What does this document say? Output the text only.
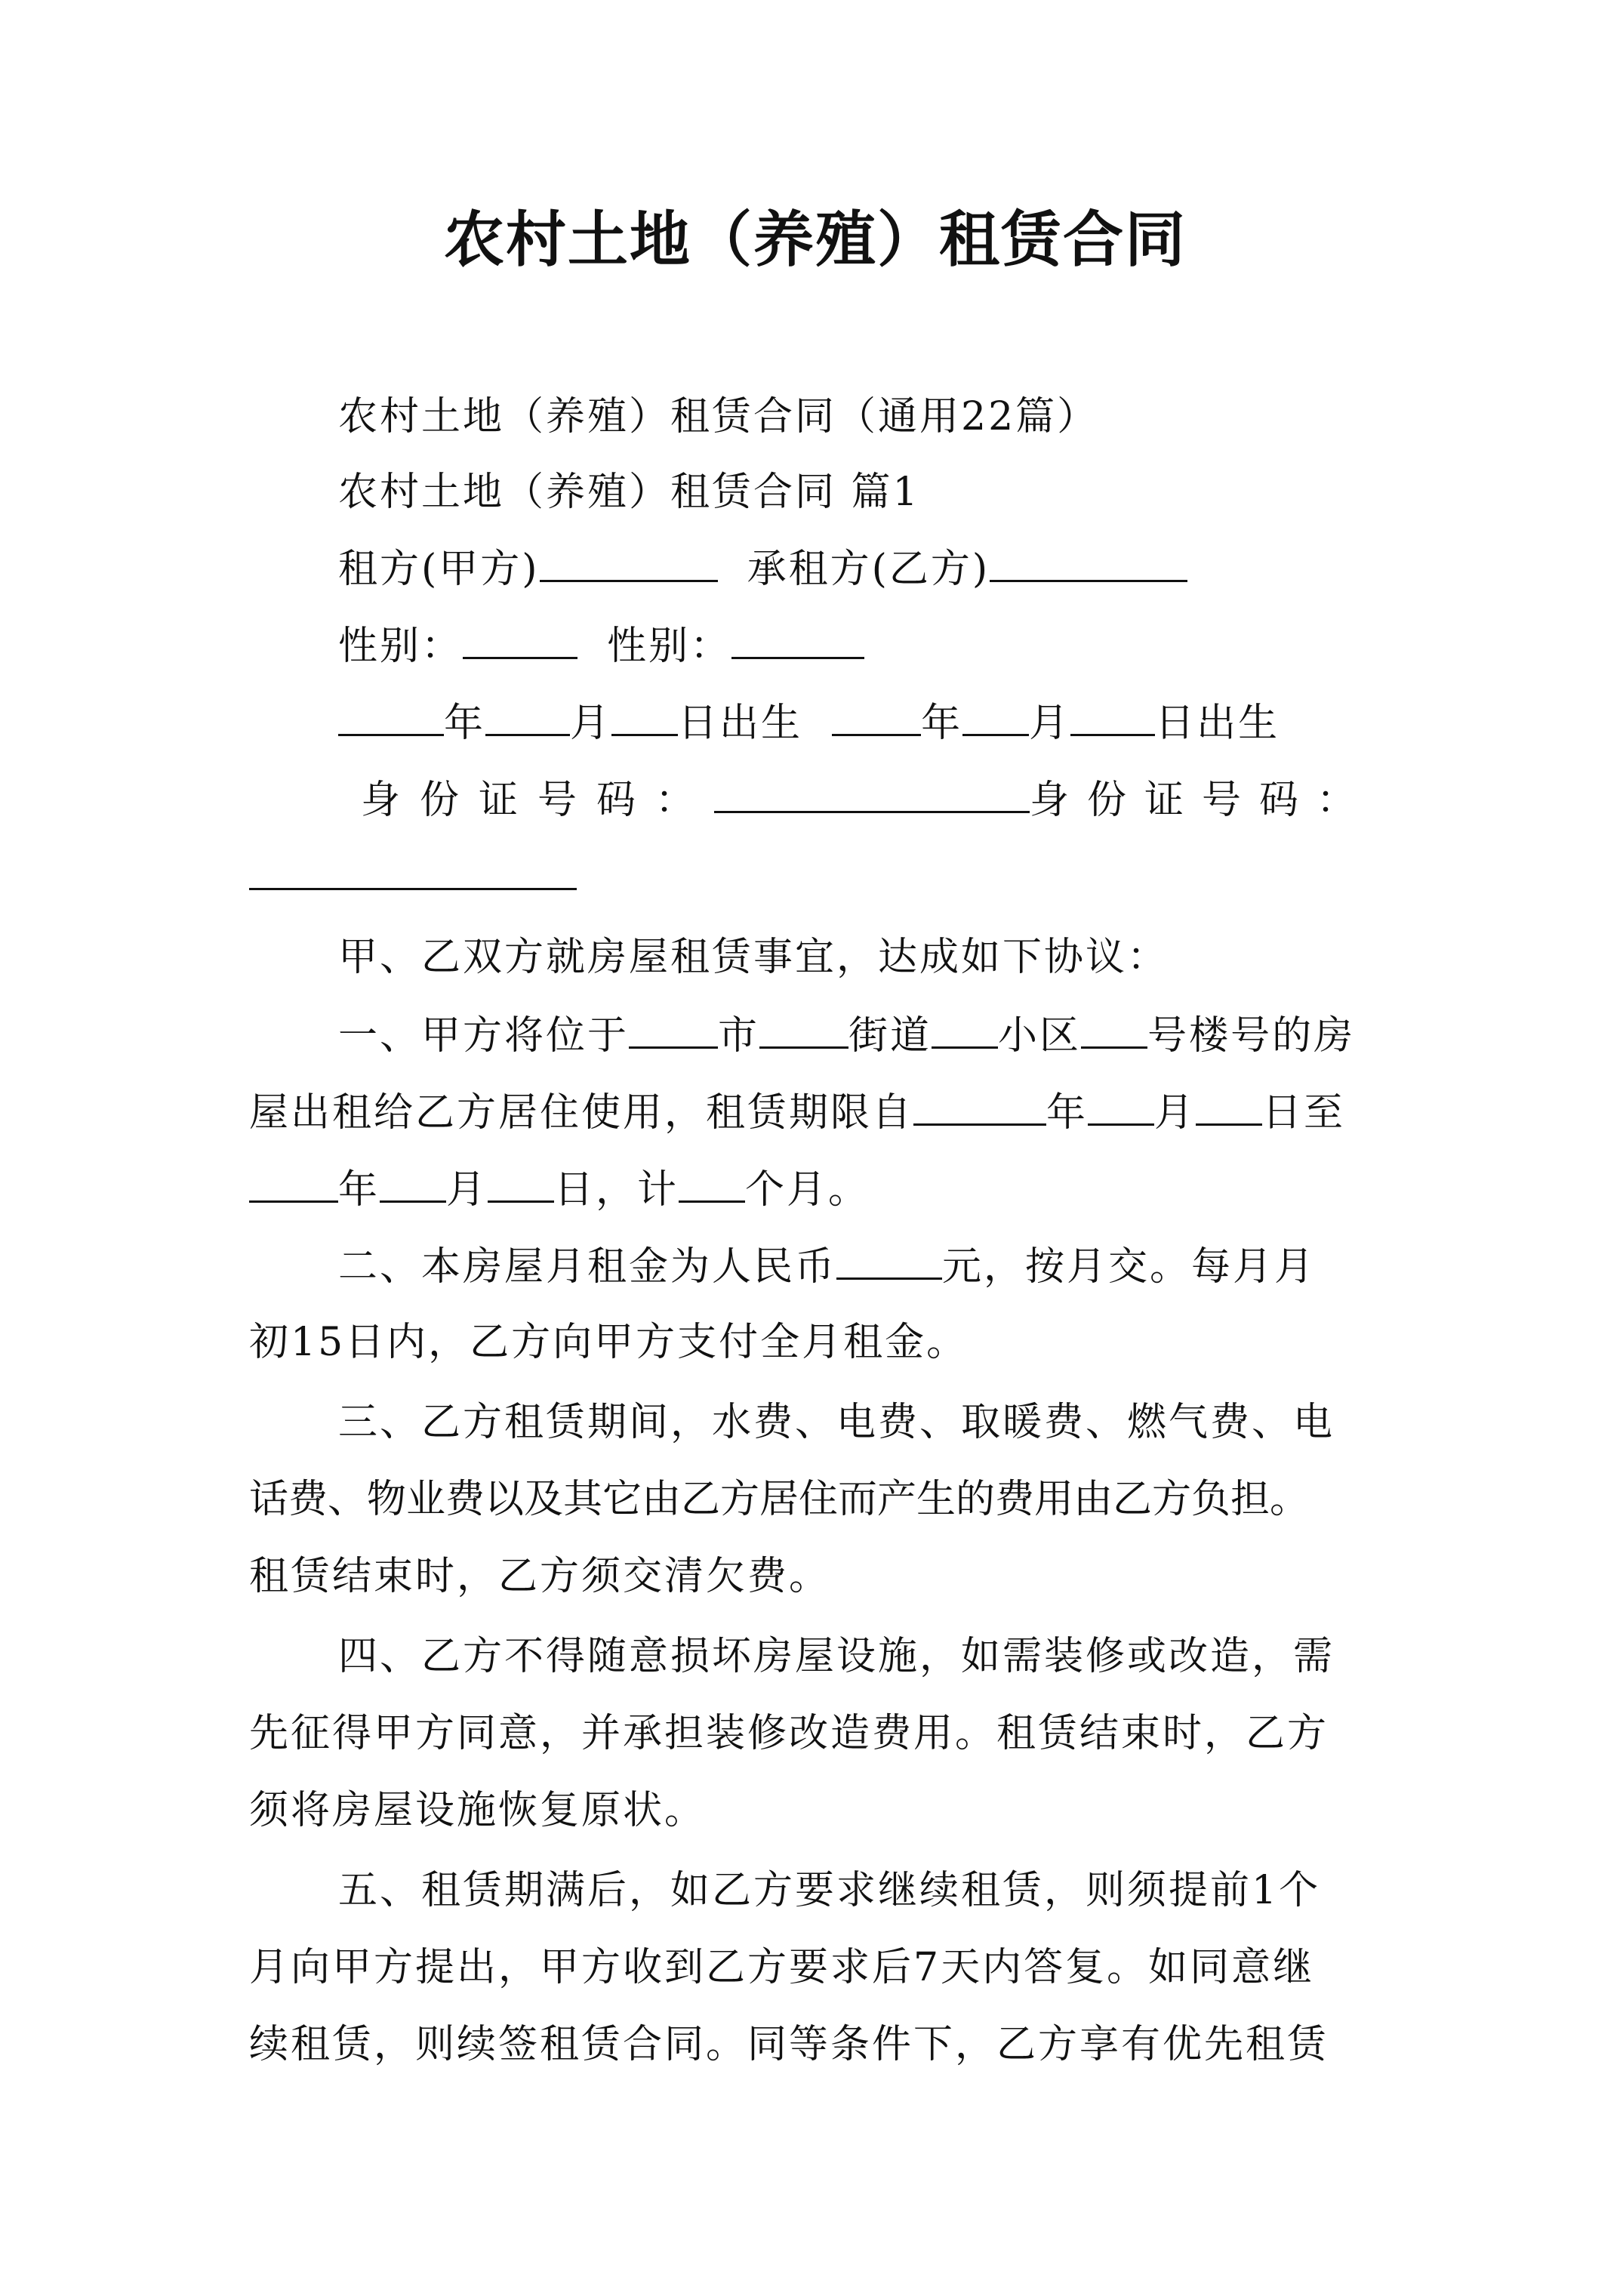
农村土地（养殖）租赁合同
农村土地（养殖）租赁合同（通用22篇）
农村土地（养殖）租赁合同 篇1
租方(甲方)	承租方(乙方)
性别：	性别：
年 月 日出生	年 月 日出生
身份证号码：	身份证号码：
甲、乙双方就房屋租赁事宜，达成如下协议：
一、甲方将位于 市 街道 小区 号楼号的房
屋出租给乙方居住使用，租赁期限自	年 月 日至
年 月 日，计 个月。
二、本房屋月租金为人民币	元，按月交。每月月
初15日内，乙方向甲方支付全月租金。
三、乙方租赁期间，水费、电费、取暖费、燃气费、电
话费、物业费以及其它由乙方居住而产生的费用由乙方负担。
租赁结束时，乙方须交清欠费。
四、乙方不得随意损坏房屋设施，如需装修或改造，需
先征得甲方同意，并承担装修改造费用。租赁结束时，乙方
须将房屋设施恢复原状。
五、租赁期满后，如乙方要求继续租赁，则须提前1个
月向甲方提出，甲方收到乙方要求后7天内答复。如同意继
续租赁，则续签租赁合同。同等条件下，乙方享有优先租赁
